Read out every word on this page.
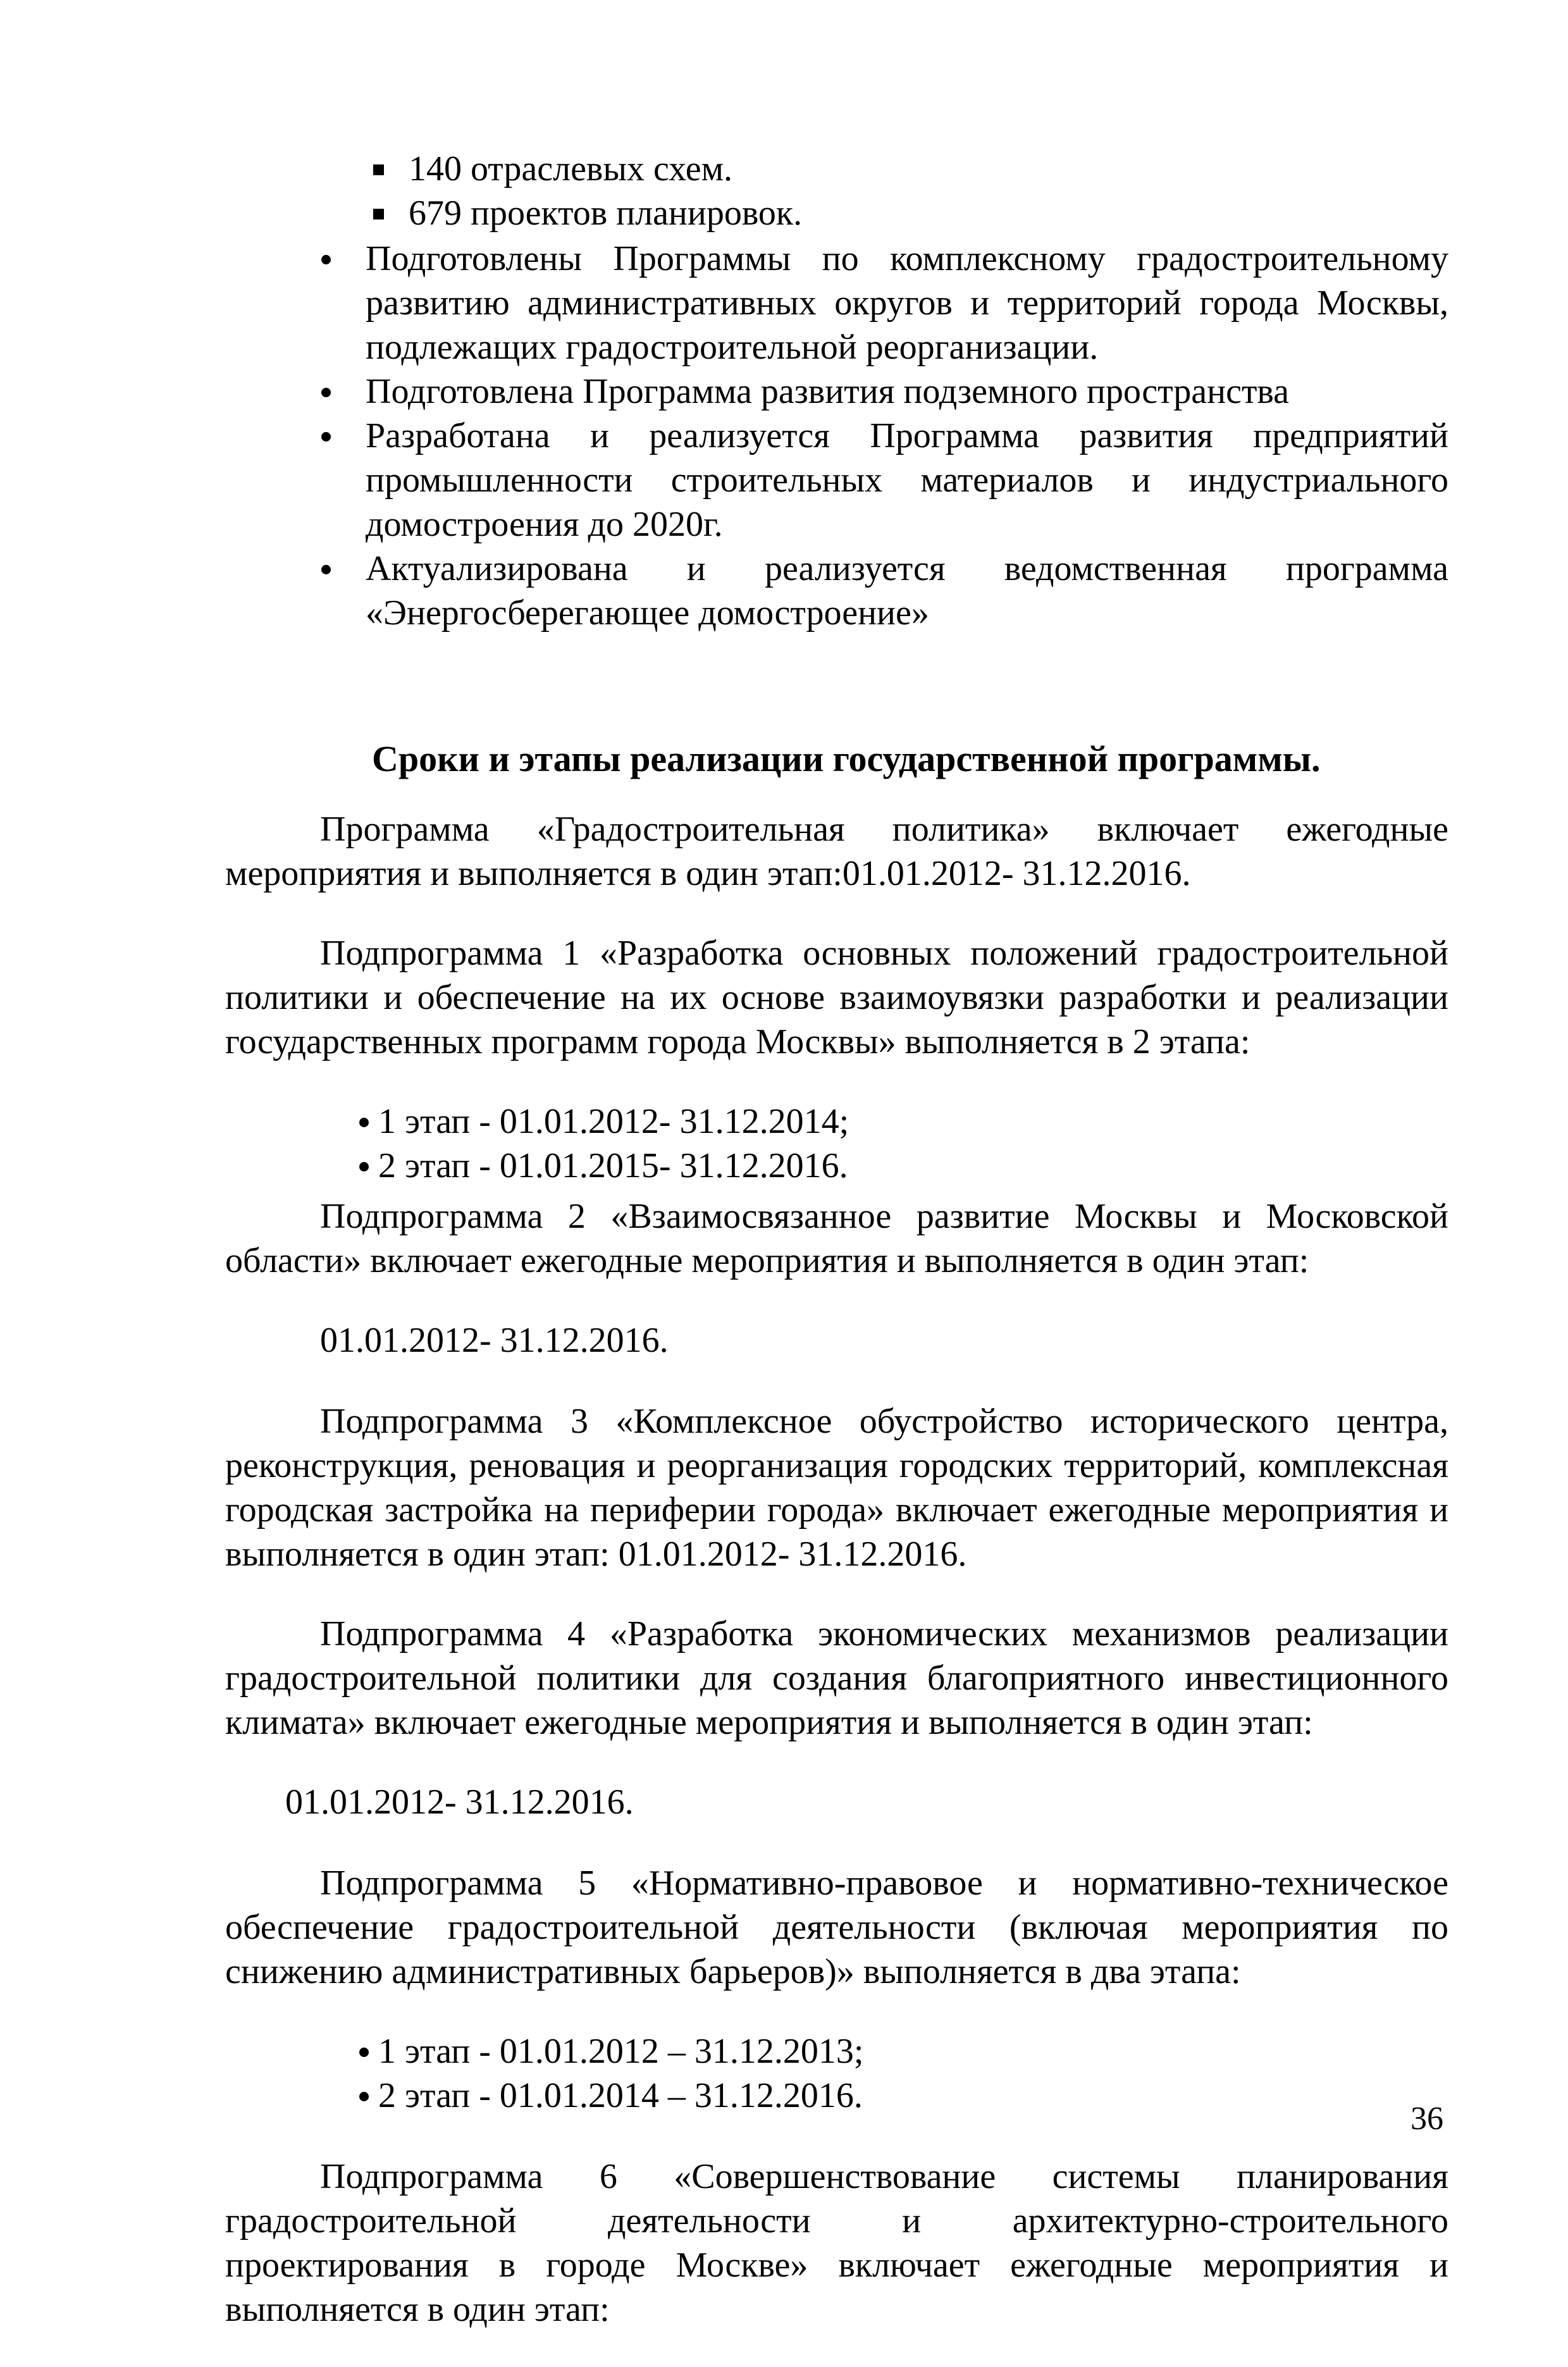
140 отраслевых схем.
679 проектов планировок.
Подготовлены Программы по комплексному градостроительному развитию административных округов и территорий города Москвы, подлежащих градостроительной реорганизации.
Подготовлена Программа развития подземного пространства
Разработана и реализуется Программа развития предприятий промышленности строительных материалов и индустриального домостроения до 2020г.
Актуализирована и реализуется ведомственная программа «Энергосберегающее домостроение»
Сроки и этапы реализации государственной программы.

Программа «Градостроительная политика» включает ежегодные мероприятия и выполняется в один этап:01.01.2012- 31.12.2016.

Подпрограмма 1 «Разработка основных положений градостроительной политики и обеспечение на их основе взаимоувязки разработки и реализации государственных программ города Москвы» выполняется в 2 этапа:

1 этап - 01.01.2012- 31.12.2014;
2 этап - 01.01.2015- 31.12.2016.

Подпрограмма 2 «Взаимосвязанное развитие Москвы и Московской области» включает ежегодные мероприятия и выполняется в один этап:

01.01.2012- 31.12.2016.

Подпрограмма 3 «Комплексное обустройство исторического центра, реконструкция, реновация и реорганизация городских территорий, комплексная городская застройка на периферии города» включает ежегодные мероприятия и выполняется в один этап: 01.01.2012- 31.12.2016.

Подпрограмма 4 «Разработка экономических механизмов реализации градостроительной политики для создания благоприятного инвестиционного климата» включает ежегодные мероприятия и выполняется в один этап:

01.01.2012- 31.12.2016.

Подпрограмма 5 «Нормативно-правовое и нормативно-техническое обеспечение градостроительной деятельности (включая мероприятия по снижению административных барьеров)» выполняется в два этапа:

1 этап - 01.01.2012 – 31.12.2013;
2 этап - 01.01.2014 – 31.12.2016.

Подпрограмма 6 «Совершенствование системы планирования градостроительной деятельности и архитектурно-строительного проектирования в городе Москве» включает ежегодные мероприятия и выполняется в один этап:

36
